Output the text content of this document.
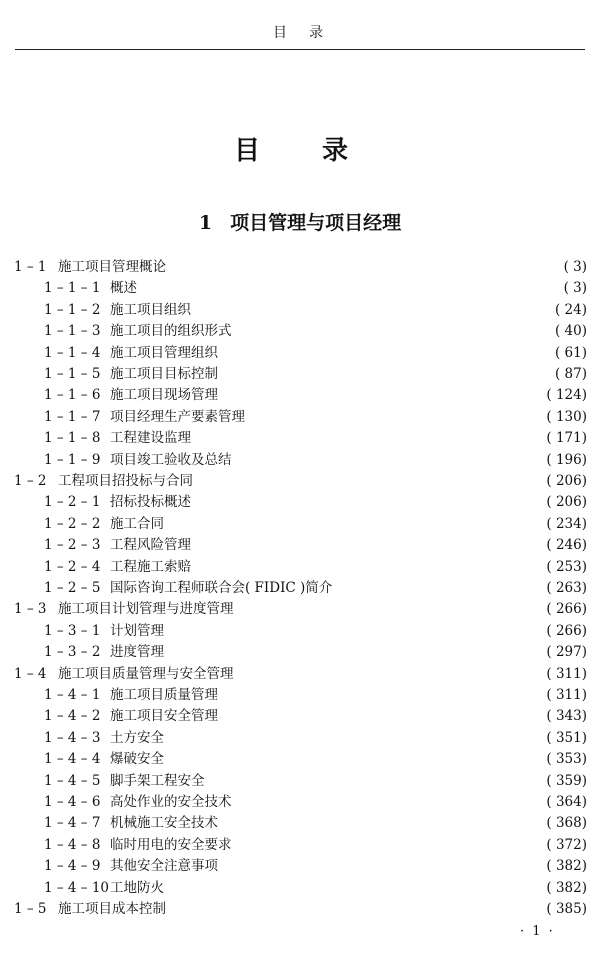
目　录
目　录
1 项目管理与项目经理
1 – 1 施工项目管理概论	( 3)
1 – 1 – 1 概述	( 3)
1 – 1 – 2 施工项目组织	( 24)
1 – 1 – 3 施工项目的组织形式	( 40)
1 – 1 – 4 施工项目管理组织	( 61)
1 – 1 – 5 施工项目目标控制	( 87)
1 – 1 – 6 施工项目现场管理	( 124)
1 – 1 – 7 项目经理生产要素管理	( 130)
1 – 1 – 8 工程建设监理	( 171)
1 – 1 – 9 项目竣工验收及总结	( 196)
1 – 2 工程项目招投标与合同	( 206)
1 – 2 – 1 招标投标概述	( 206)
1 – 2 – 2 施工合同	( 234)
1 – 2 – 3 工程风险管理	( 246)
1 – 2 – 4 工程施工索赔	( 253)
1 – 2 – 5 国际咨询工程师联合会( FIDIC )简介	( 263)
1 – 3 施工项目计划管理与进度管理	( 266)
1 – 3 – 1 计划管理	( 266)
1 – 3 – 2 进度管理	( 297)
1 – 4 施工项目质量管理与安全管理	( 311)
1 – 4 – 1 施工项目质量管理	( 311)
1 – 4 – 2 施工项目安全管理	( 343)
1 – 4 – 3 土方安全	( 351)
1 – 4 – 4 爆破安全	( 353)
1 – 4 – 5 脚手架工程安全	( 359)
1 – 4 – 6 高处作业的安全技术	( 364)
1 – 4 – 7 机械施工安全技术	( 368)
1 – 4 – 8 临时用电的安全要求	( 372)
1 – 4 – 9 其他安全注意事项	( 382)
1 – 4 – 10 工地防火	( 382)
1 – 5 施工项目成本控制	( 385)
· 1 ·
